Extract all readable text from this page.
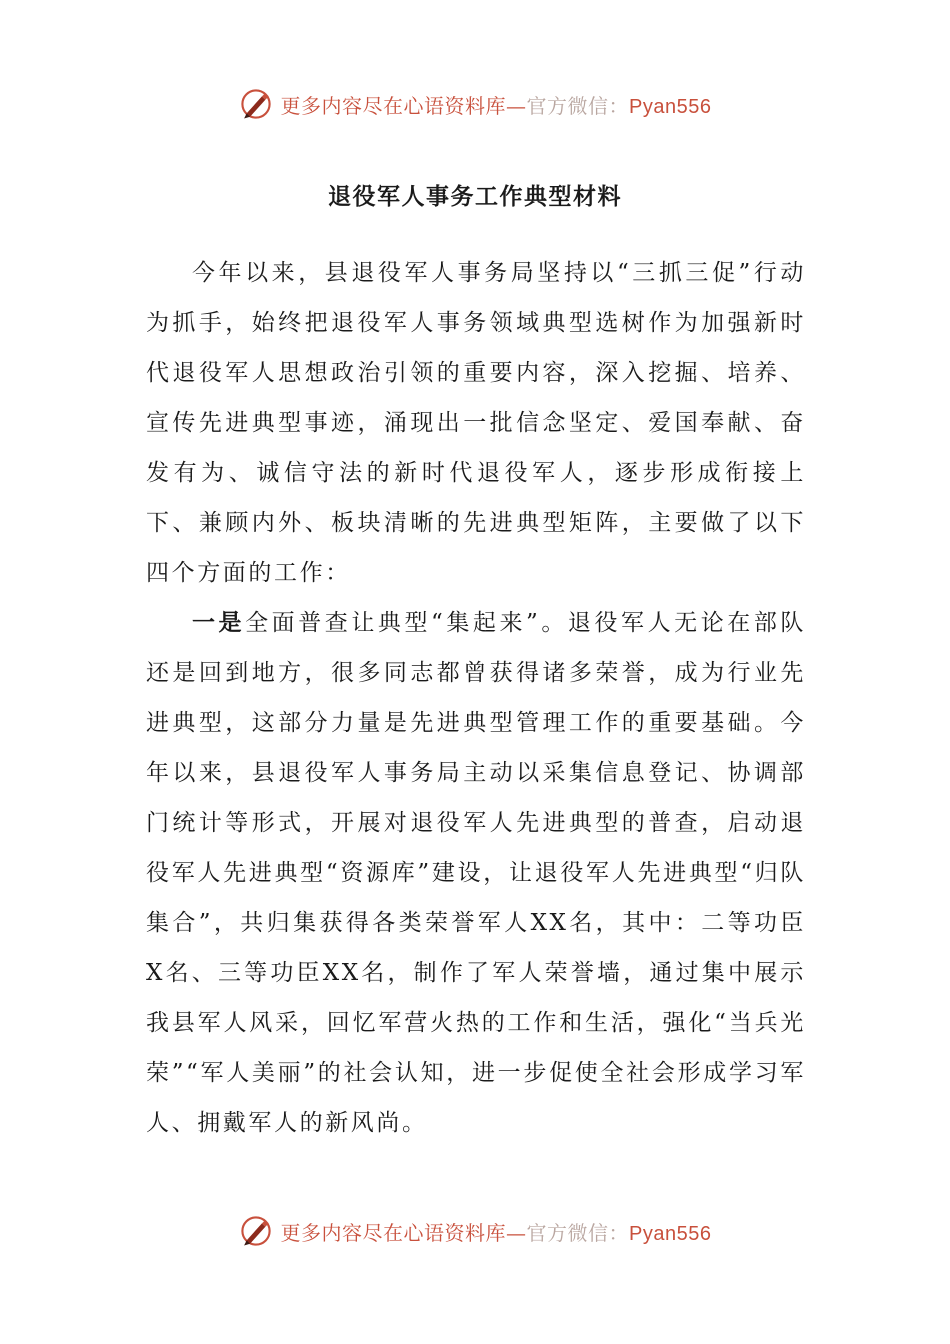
更多内容尽在心语资料库—官方微信：Pyan556
退役军人事务工作典型材料

今年以来，县退役军人事务局坚持以“三抓三促”行动为抓手，始终把退役军人事务领域典型选树作为加强新时代退役军人思想政治引领的重要内容，深入挖掘、培养、宣传先进典型事迹，涌现出一批信念坚定、爱国奉献、奋发有为、诚信守法的新时代退役军人，逐步形成衔接上下、兼顾内外、板块清晰的先进典型矩阵，主要做了以下四个方面的工作：

一是全面普查让典型“集起来”。退役军人无论在部队还是回到地方，很多同志都曾获得诸多荣誉，成为行业先进典型，这部分力量是先进典型管理工作的重要基础。今年以来，县退役军人事务局主动以采集信息登记、协调部门统计等形式，开展对退役军人先进典型的普查，启动退役军人先进典型“资源库”建设，让退役军人先进典型“归队集合”，共归集获得各类荣誉军人XX名，其中：二等功臣X名、三等功臣XX名，制作了军人荣誉墙，通过集中展示我县军人风采，回忆军营火热的工作和生活，强化“当兵光荣”“军人美丽”的社会认知，进一步促使全社会形成学习军人、拥戴军人的新风尚。

更多内容尽在心语资料库—官方微信：Pyan556
